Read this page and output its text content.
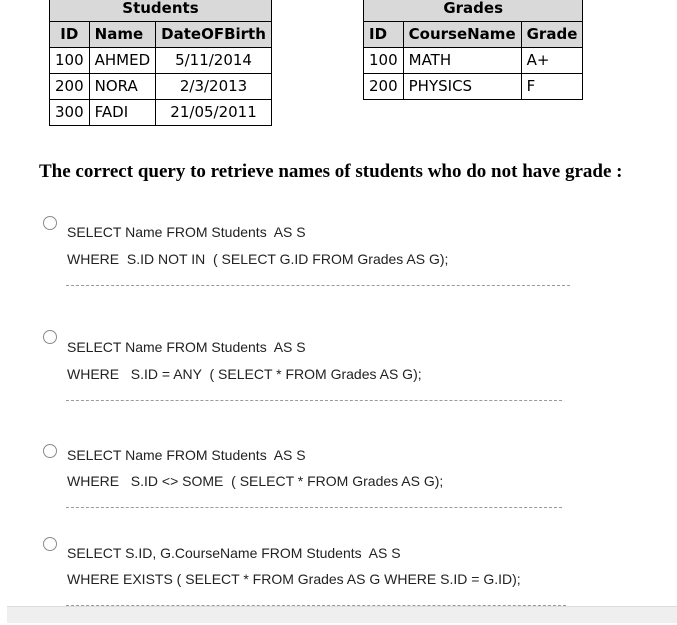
Students		
ID	Name	DateOFBirth
100	AHMED	5/11/2014
200	NORA	2/3/2013
300	FADI	21/05/2011
Grades		
ID	CourseName	Grade
100	MATH	A+
200	PHYSICS	F
The correct query to retrieve names of students who do not have grade :
SELECT Name FROM Students  AS S
WHERE  S.ID NOT IN  ( SELECT G.ID FROM Grades AS G);
SELECT Name FROM Students  AS S
WHERE   S.ID = ANY  ( SELECT * FROM Grades AS G);
SELECT Name FROM Students  AS S
WHERE   S.ID <> SOME  ( SELECT * FROM Grades AS G);
SELECT S.ID, G.CourseName FROM Students  AS S
WHERE EXISTS ( SELECT * FROM Grades AS G WHERE S.ID = G.ID);
